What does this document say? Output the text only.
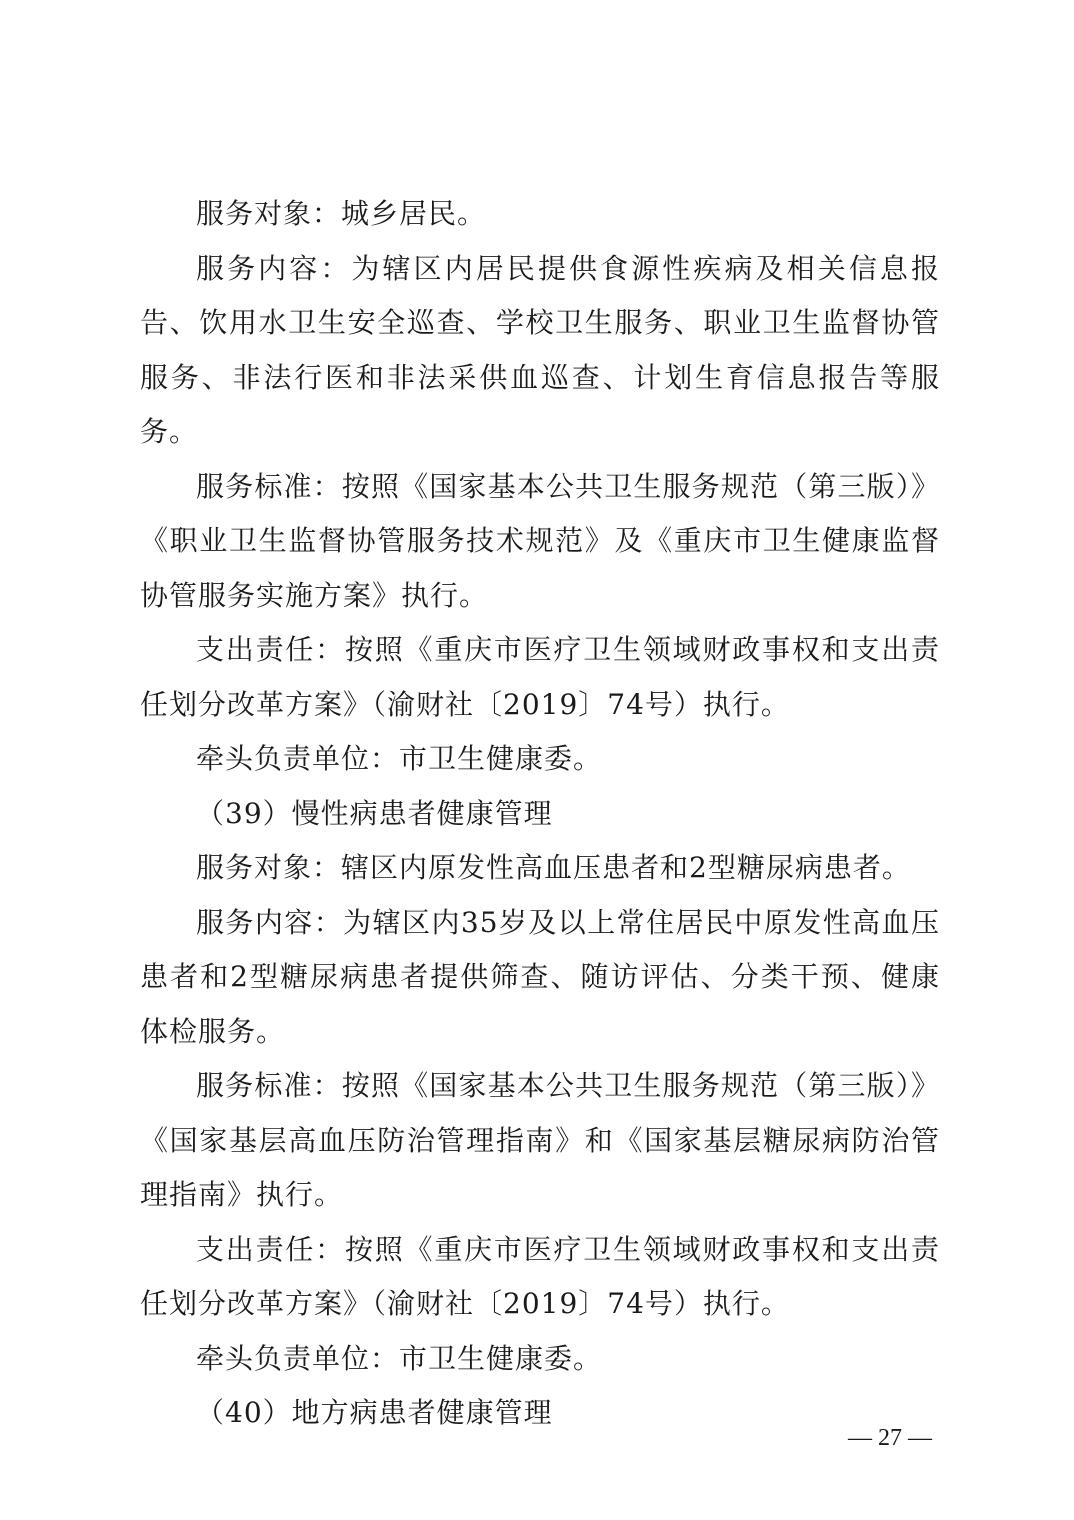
服务对象：城乡居民。

服务内容：为辖区内居民提供食源性疾病及相关信息报告、饮用水卫生安全巡查、学校卫生服务、职业卫生监督协管服务、非法行医和非法采供血巡查、计划生育信息报告等服务。

服务标准：按照《国家基本公共卫生服务规范（第三版）》《职业卫生监督协管服务技术规范》及《重庆市卫生健康监督协管服务实施方案》执行。

支出责任：按照《重庆市医疗卫生领域财政事权和支出责任划分改革方案》（渝财社〔2019〕74号）执行。

牵头负责单位：市卫生健康委。

（39）慢性病患者健康管理

服务对象：辖区内原发性高血压患者和2型糖尿病患者。

服务内容：为辖区内35岁及以上常住居民中原发性高血压患者和2型糖尿病患者提供筛查、随访评估、分类干预、健康体检服务。

服务标准：按照《国家基本公共卫生服务规范（第三版）》《国家基层高血压防治管理指南》和《国家基层糖尿病防治管理指南》执行。

支出责任：按照《重庆市医疗卫生领域财政事权和支出责任划分改革方案》（渝财社〔2019〕74号）执行。

牵头负责单位：市卫生健康委。

（40）地方病患者健康管理

— 27 —
